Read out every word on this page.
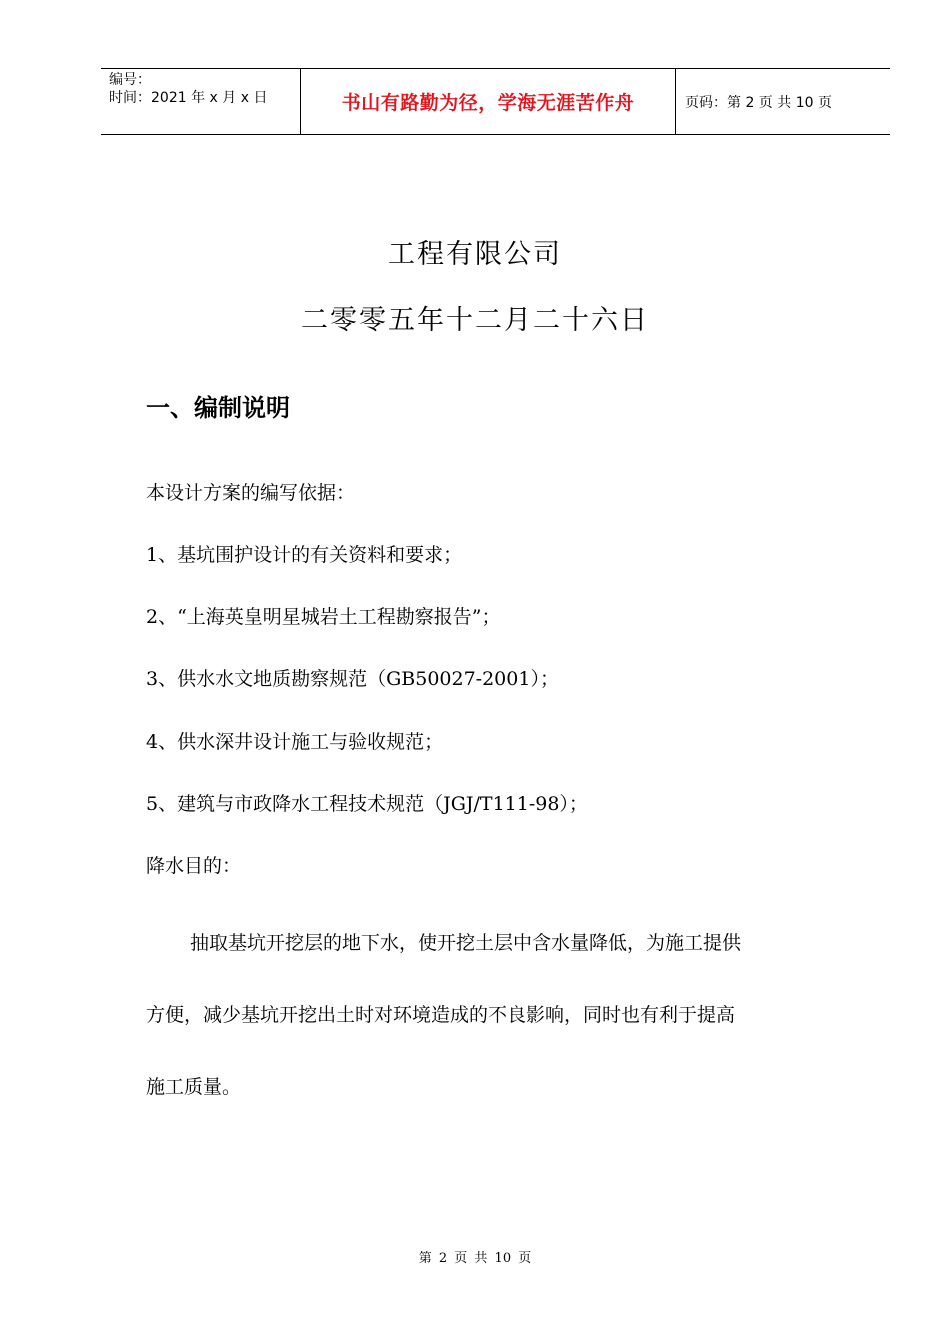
编号：
时间：2021 年 x 月 x 日	书山有路勤为径，学海无涯苦作舟	页码：第 2 页 共 10 页
工程有限公司
二零零五年十二月二十六日
一、编制说明
本设计方案的编写依据：
1、基坑围护设计的有关资料和要求；
2、“上海英皇明星城岩土工程勘察报告”；
3、供水水文地质勘察规范（GB50027-2001）；
4、供水深井设计施工与验收规范；
5、建筑与市政降水工程技术规范（JGJ/T111-98）；
降水目的：
抽取基坑开挖层的地下水，使开挖土层中含水量降低，为施工提供
方便，减少基坑开挖出土时对环境造成的不良影响，同时也有利于提高
施工质量。
第 2 页 共 10 页
